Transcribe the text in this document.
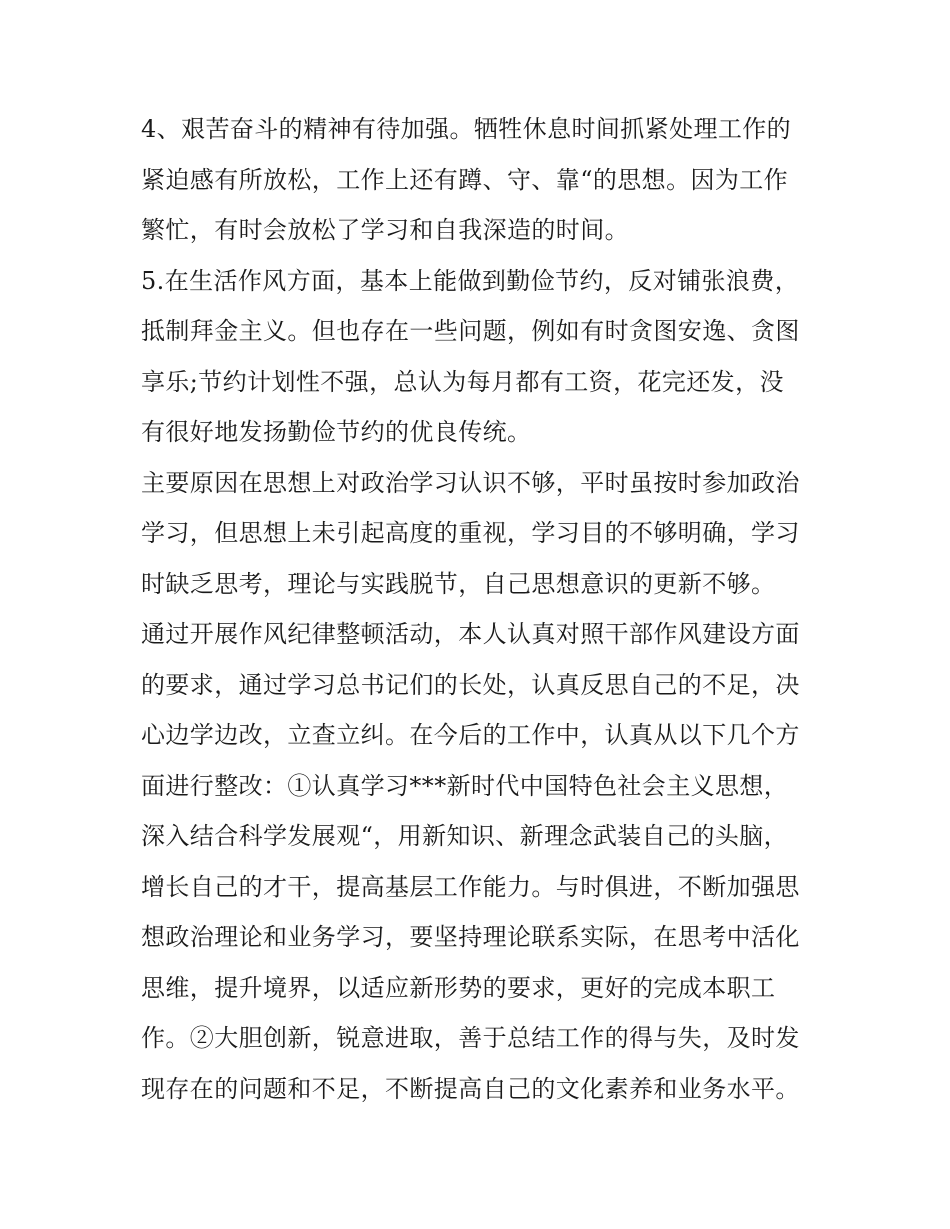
4、艰苦奋斗的精神有待加强。牺牲休息时间抓紧处理工作的
紧迫感有所放松，工作上还有蹲、守、靠“的思想。因为工作
繁忙，有时会放松了学习和自我深造的时间。
5.在生活作风方面，基本上能做到勤俭节约，反对铺张浪费，
抵制拜金主义。但也存在一些问题，例如有时贪图安逸、贪图
享乐;节约计划性不强，总认为每月都有工资，花完还发，没
有很好地发扬勤俭节约的优良传统。
主要原因在思想上对政治学习认识不够，平时虽按时参加政治
学习，但思想上未引起高度的重视，学习目的不够明确，学习
时缺乏思考，理论与实践脱节，自己思想意识的更新不够。
通过开展作风纪律整顿活动，本人认真对照干部作风建设方面
的要求，通过学习总书记们的长处，认真反思自己的不足，决
心边学边改，立查立纠。在今后的工作中，认真从以下几个方
面进行整改：①认真学习***新时代中国特色社会主义思想，
深入结合科学发展观“，用新知识、新理念武装自己的头脑，
增长自己的才干，提高基层工作能力。与时俱进，不断加强思
想政治理论和业务学习，要坚持理论联系实际，在思考中活化
思维，提升境界，以适应新形势的要求，更好的完成本职工
作。②大胆创新，锐意进取，善于总结工作的得与失，及时发
现存在的问题和不足，不断提高自己的文化素养和业务水平。
